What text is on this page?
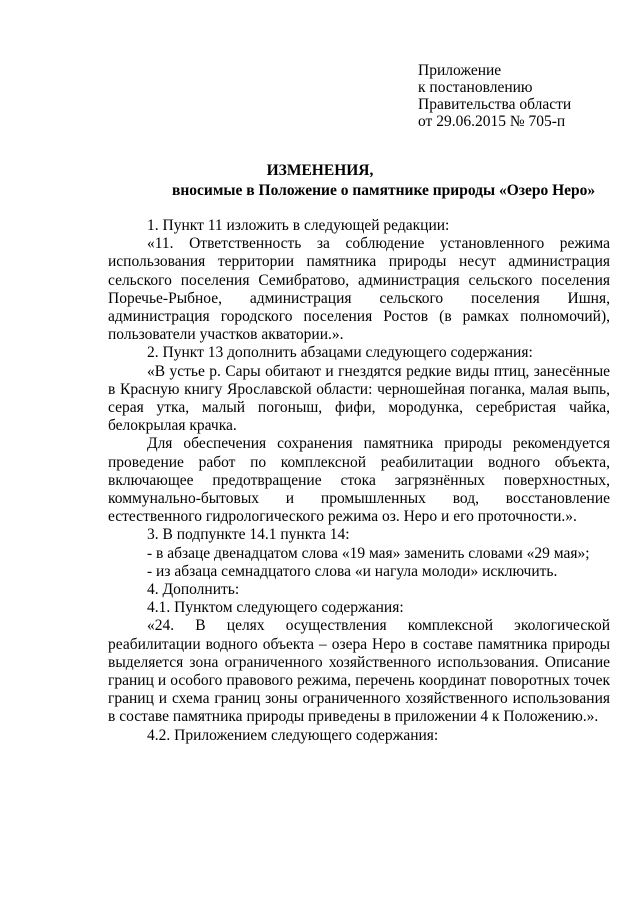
Приложение
к постановлению
Правительства области
от 29.06.2015 № 705-п
ИЗМЕНЕНИЯ,
вносимые в Положение о памятнике природы «Озеро Неро»

1. Пункт 11 изложить в следующей редакции:

«11. Ответственность за соблюдение установленного режима использования территории памятника природы несут администрация сельского поселения Семибратово, администрация сельского поселения Поречье-Рыбное, администрация сельского поселения Ишня, администрация городского поселения Ростов (в рамках полномочий), пользователи участков акватории.».

2. Пункт 13 дополнить абзацами следующего содержания:

«В устье р. Сары обитают и гнездятся редкие виды птиц, занесённые в Красную книгу Ярославской области: черношейная поганка, малая выпь, серая утка, малый погоныш, фифи, мородунка, серебристая чайка, белокрылая крачка.

Для обеспечения сохранения памятника природы рекомендуется проведение работ по комплексной реабилитации водного объекта, включающее предотвращение стока загрязнённых поверхностных, коммунально-бытовых и промышленных вод, восстановление естественного гидрологического режима оз. Неро и его проточности.».

3. В подпункте 14.1 пункта 14:

- в абзаце двенадцатом слова «19 мая» заменить словами «29 мая»;

- из абзаца семнадцатого слова «и нагула молоди» исключить.

4. Дополнить:

4.1. Пунктом следующего содержания:

«24. В целях осуществления комплексной экологической реабилитации водного объекта – озера Неро в составе памятника природы выделяется зона ограниченного хозяйственного использования. Описание границ и особого правового режима, перечень координат поворотных точек границ и схема границ зоны ограниченного хозяйственного использования в составе памятника природы приведены в приложении 4 к Положению.».

4.2. Приложением следующего содержания:
